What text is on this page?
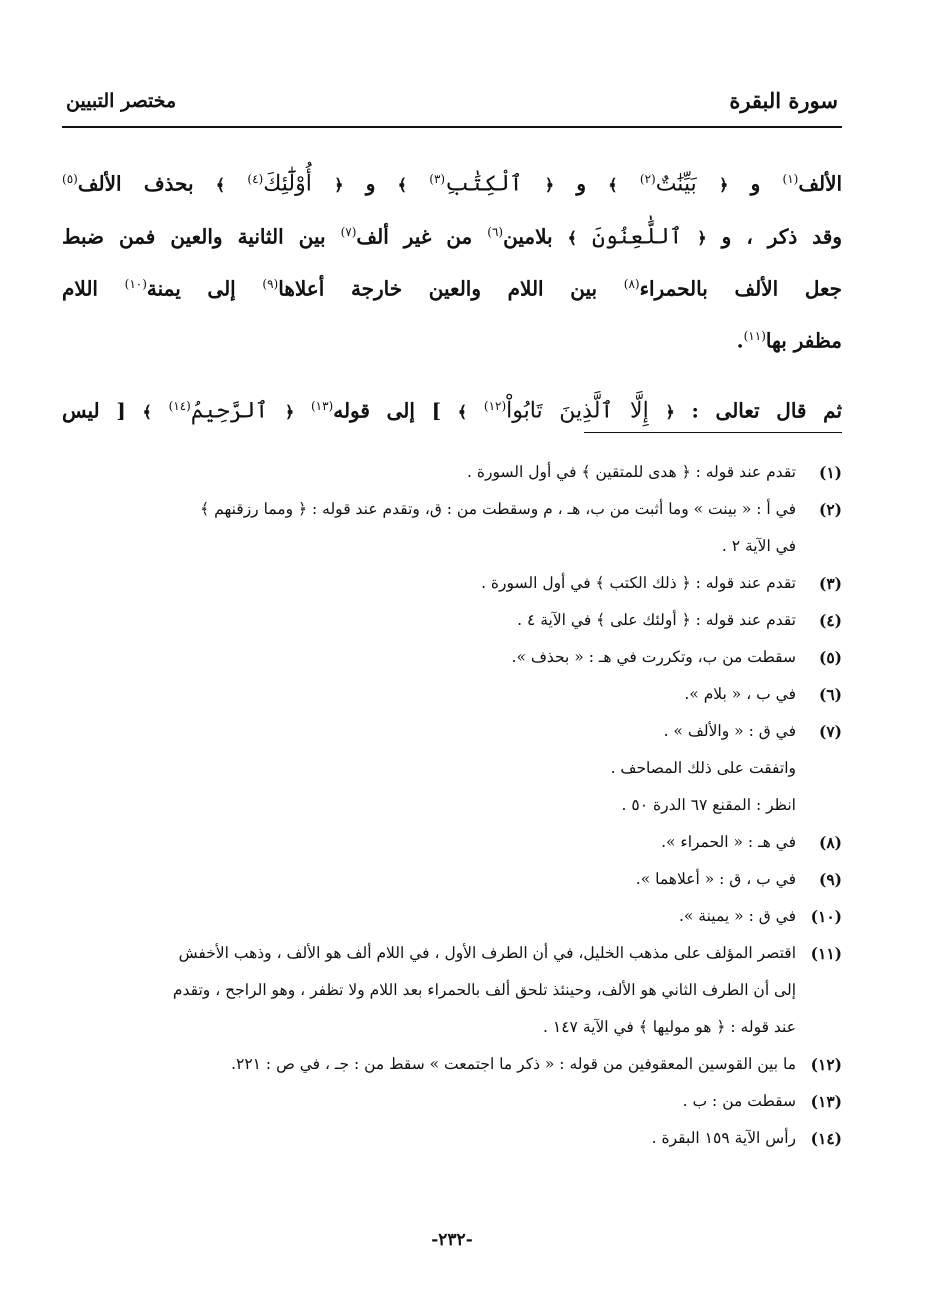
سورة البقرة
مختصر التبيين
الألف$^{(١)}$ و ﴿ بَيِّنَٰتٌ$^{(٢)}$ ﴾ و ﴿ ٱلْكِتَٰبِ$^{(٣)}$ ﴾ و ﴿ أُوْلَٰٓئِكَ$^{(٤)}$ ﴾ بحذف الألف$^{(٥)}$
وقد ذكر ، و ﴿ ٱللَّٰعِنُونَ ﴾ بلامين$^{(٦)}$ من غير ألف$^{(٧)}$ بين الثانية والعين فمن ضبط
جعل الألف بالحمراء$^{(٨)}$ بين اللام والعين خارجة أعلاها$^{(٩)}$ إلى يمنة$^{(١٠)}$ اللام
مظفر بها$^{(١١)}$.
ثم قال تعالى : ﴿ إِلَّا ٱلَّذِينَ تَابُواْ$^{(١٢)}$ ﴾ ] إلى قوله$^{(١٣)}$ ﴿ ٱلرَّحِيمُ$^{(١٤)}$ ﴾ [ ليس
(١)
تقدم عند قوله : ﴿ هدى للمتقين ﴾ في أول السورة .
(٢)
في أ : « بينت » وما أثبت من ب، هـ ، م وسقطت من : ق، وتقدم عند قوله : ﴿ ومما رزقنهم ﴾
في الآية ٢ .
(٣)
تقدم عند قوله : ﴿ ذلك الكتب ﴾ في أول السورة .
(٤)
تقدم عند قوله : ﴿ أولئك على ﴾ في الآية ٤ .
(٥)
سقطت من ب، وتكررت في هـ : « بحذف ».
(٦)
في ب ، « بلام ».
(٧)
في ق : « والألف » .
واتفقت على ذلك المصاحف .
انظر : المقنع ٦٧ الدرة ٥٠ .
(٨)
في هـ : « الحمراء ».
(٩)
في ب ، ق : « أعلاهما ».
(١٠)
في ق : « يمينة ».
(١١)
اقتصر المؤلف على مذهب الخليل، في أن الطرف الأول ، في اللام ألف هو الألف ، وذهب الأخفش
إلى أن الطرف الثاني هو الألف، وحينئذ تلحق ألف بالحمراء بعد اللام ولا تظفر ، وهو الراجح ، وتقدم
عند قوله : ﴿ هو موليها ﴾ في الآية ١٤٧ .
(١٢)
ما بين القوسين المعقوفين من قوله : « ذكر ما اجتمعت » سقط من : جـ ، في ص : ٢٢١.
(١٣)
سقطت من : ب .
(١٤)
رأس الآية ١٥٩ البقرة .
-٢٣٢-
